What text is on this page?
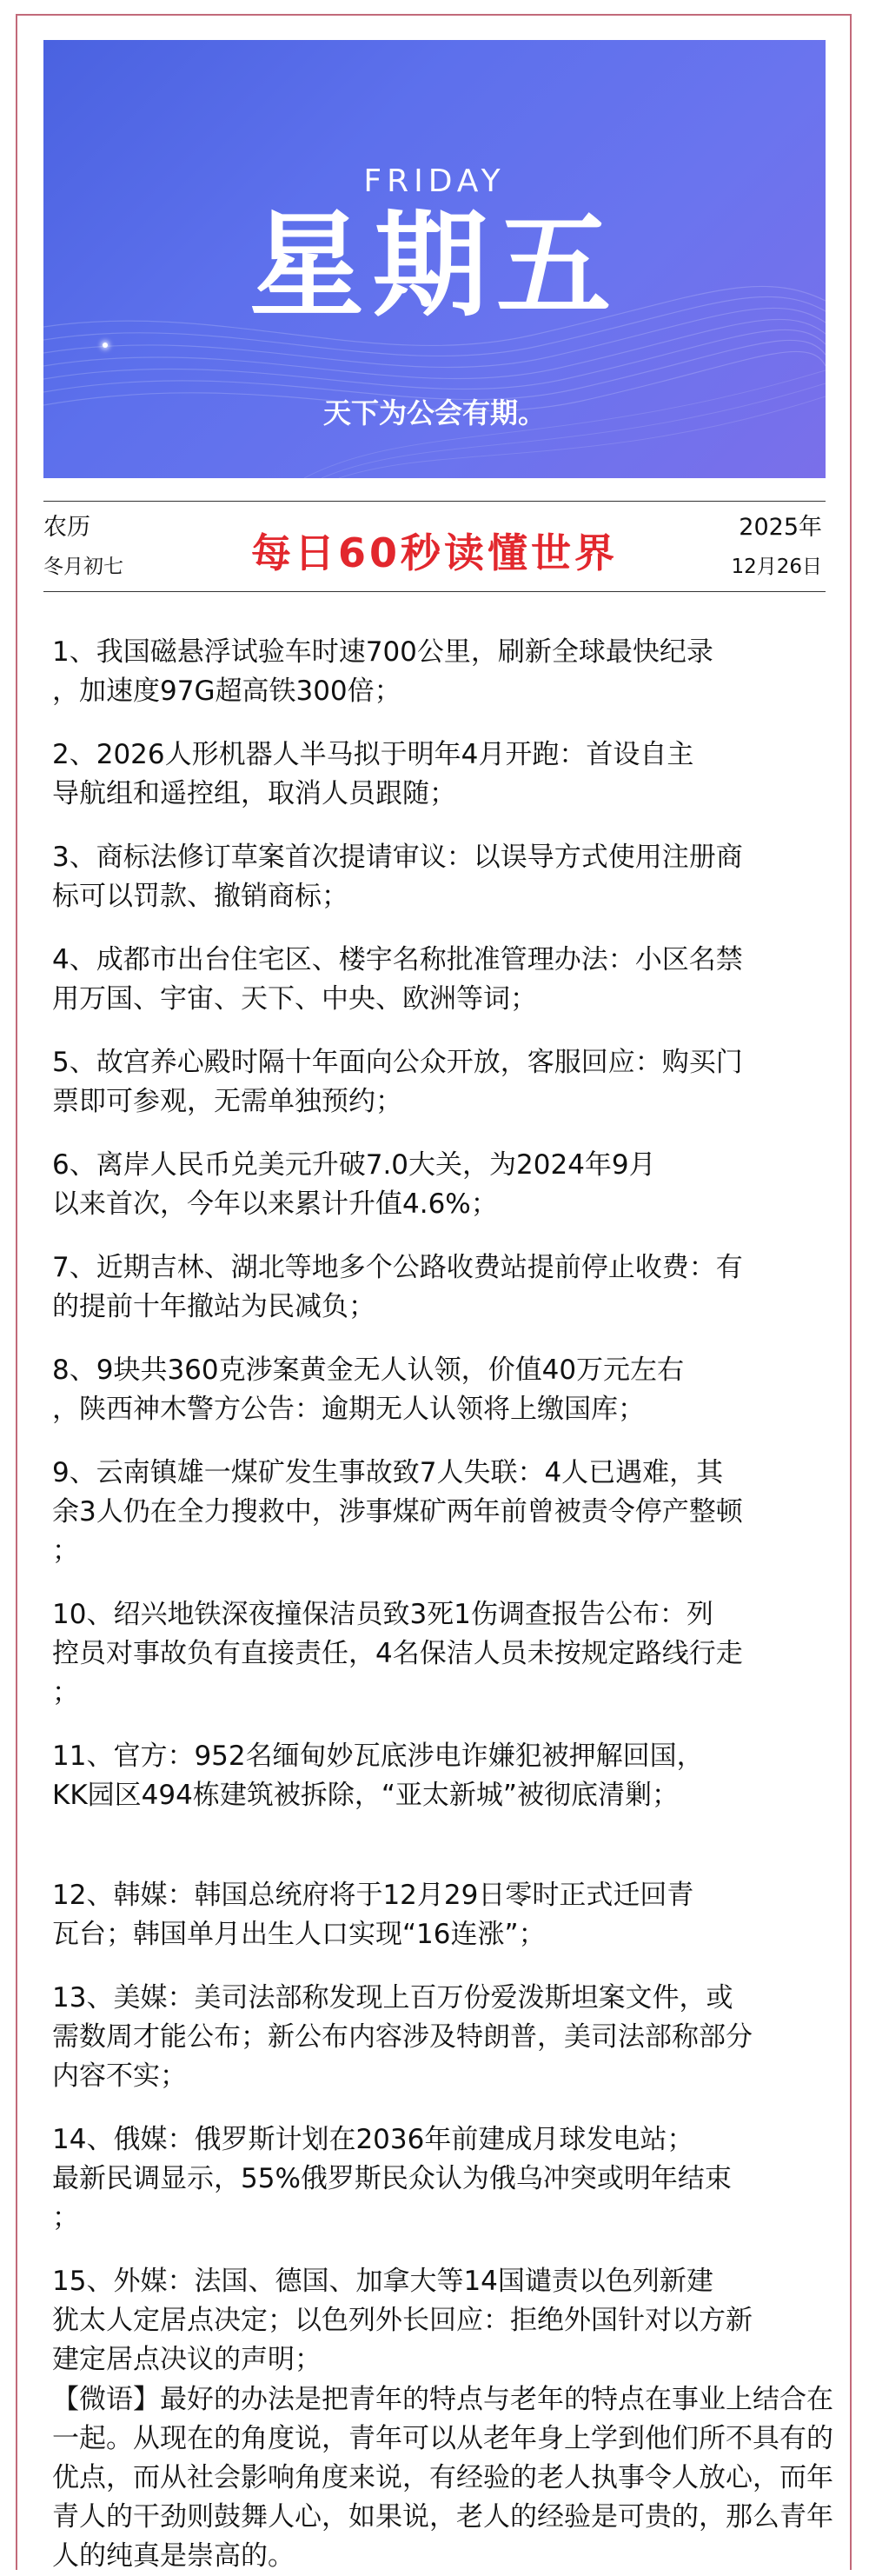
FRIDAY
星期五
天下为公会有期。
农历
冬月初七	每日60秒读懂世界
2025年
12月26日
1、我国磁悬浮试验车时速700公里，刷新全球最快纪录
，加速度97G超高铁300倍；
2、2026人形机器人半马拟于明年4月开跑：首设自主
导航组和遥控组，取消人员跟随；
3、商标法修订草案首次提请审议：以误导方式使用注册商
标可以罚款、撤销商标；
4、成都市出台住宅区、楼宇名称批准管理办法：小区名禁
用万国、宇宙、天下、中央、欧洲等词；
5、故宫养心殿时隔十年面向公众开放，客服回应：购买门
票即可参观，无需单独预约；
6、离岸人民币兑美元升破7.0大关，为2024年9月
以来首次，今年以来累计升值4.6%；
7、近期吉林、湖北等地多个公路收费站提前停止收费：有
的提前十年撤站为民减负；
8、9块共360克涉案黄金无人认领，价值40万元左右
，陕西神木警方公告：逾期无人认领将上缴国库；
9、云南镇雄一煤矿发生事故致7人失联：4人已遇难，其
余3人仍在全力搜救中，涉事煤矿两年前曾被责令停产整顿
；
10、绍兴地铁深夜撞保洁员致3死1伤调查报告公布：列
控员对事故负有直接责任，4名保洁人员未按规定路线行走
；
11、官方：952名缅甸妙瓦底涉电诈嫌犯被押解回国，
KK园区494栋建筑被拆除，“亚太新城”被彻底清剿；
12、韩媒：韩国总统府将于12月29日零时正式迁回青
瓦台；韩国单月出生人口实现“16连涨”；
13、美媒：美司法部称发现上百万份爱泼斯坦案文件，或
需数周才能公布；新公布内容涉及特朗普，美司法部称部分
内容不实；
14、俄媒：俄罗斯计划在2036年前建成月球发电站；
最新民调显示，55%俄罗斯民众认为俄乌冲突或明年结束
；
15、外媒：法国、德国、加拿大等14国谴责以色列新建
犹太人定居点决定；以色列外长回应：拒绝外国针对以方新
建定居点决议的声明；
【微语】最好的办法是把青年的特点与老年的特点在事业上结合在一起。从现在的角度说，青年可以从老年身上学到他们所不具有的优点，而从社会影响角度来说，有经验的老人执事令人放心，而年青人的干劲则鼓舞人心，如果说，老人的经验是可贵的，那么青年人的纯真是崇高的。
